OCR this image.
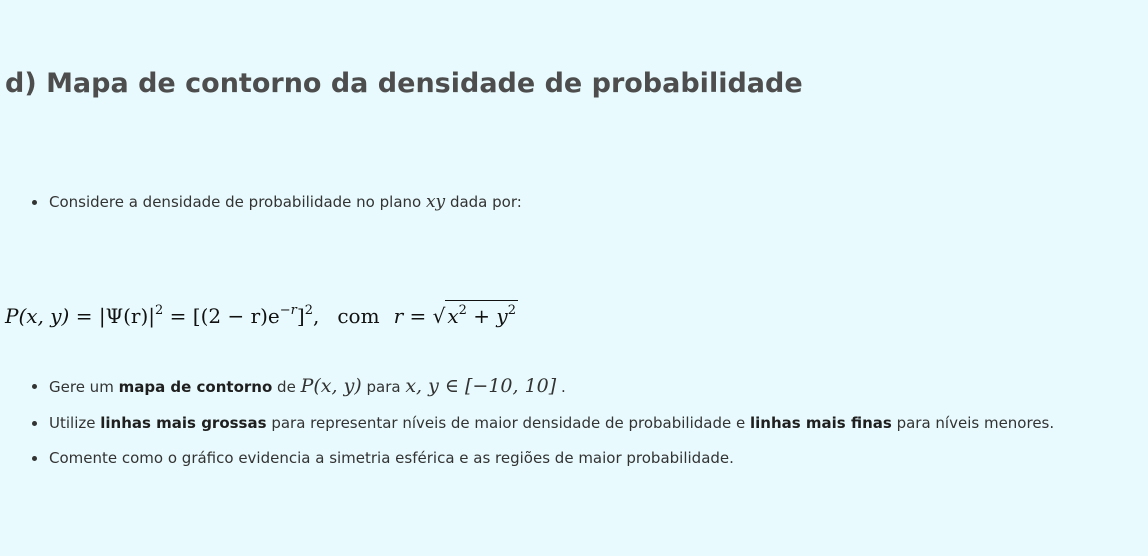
d) Mapa de contorno da densidade de probabilidade
Considere a densidade de probabilidade no plano xy dada por:
P(x, $y) = |\Psi(r)|^2 = [(2 - r)e^{-r}]^2$, com r = √ $x^2 + y^2$
Gere um mapa de contorno de P(x, y) para x, y ∈ [−10, 10] .
Utilize linhas mais grossas para representar níveis de maior densidade de probabilidade e linhas mais finas para níveis menores.
Comente como o gráfico evidencia a simetria esférica e as regiões de maior probabilidade.
